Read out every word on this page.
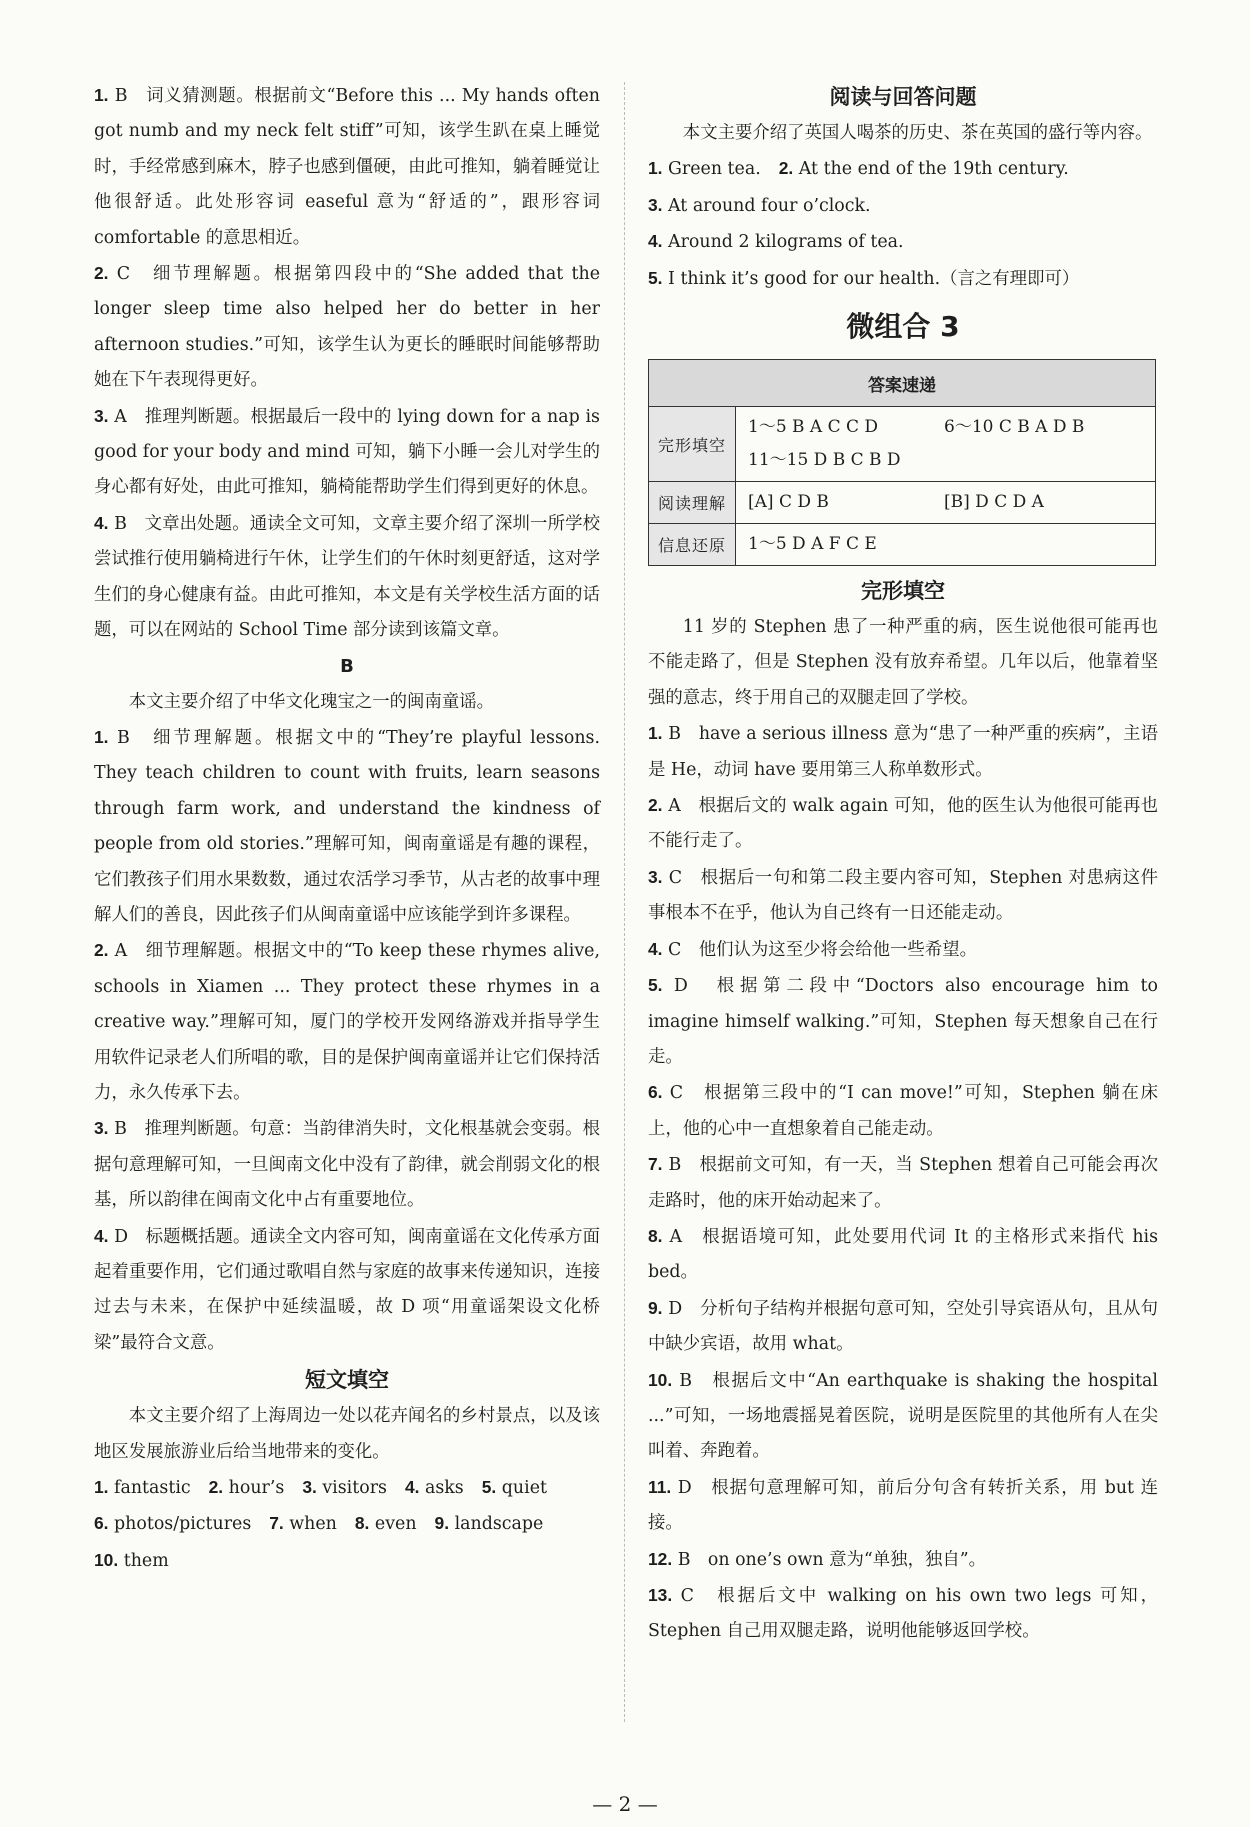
1. B　词义猜测题。根据前文“Before this ... My hands often got numb and my neck felt stiff”可知，该学生趴在桌上睡觉时，手经常感到麻木，脖子也感到僵硬，由此可推知，躺着睡觉让他很舒适。此处形容词 easeful 意为“舒适的”，跟形容词 comfortable 的意思相近。

2. C　细节理解题。根据第四段中的“She added that the longer sleep time also helped her do better in her afternoon studies.”可知，该学生认为更长的睡眠时间能够帮助她在下午表现得更好。

3. A　推理判断题。根据最后一段中的 lying down for a nap is good for your body and mind 可知，躺下小睡一会儿对学生的身心都有好处，由此可推知，躺椅能帮助学生们得到更好的休息。

4. B　文章出处题。通读全文可知，文章主要介绍了深圳一所学校尝试推行使用躺椅进行午休，让学生们的午休时刻更舒适，这对学生们的身心健康有益。由此可推知，本文是有关学校生活方面的话题，可以在网站的 School Time 部分读到该篇文章。

B

本文主要介绍了中华文化瑰宝之一的闽南童谣。

1. B　细节理解题。根据文中的“They’re playful lessons. They teach children to count with fruits, learn seasons through farm work, and understand the kindness of people from old stories.”理解可知，闽南童谣是有趣的课程，它们教孩子们用水果数数，通过农活学习季节，从古老的故事中理解人们的善良，因此孩子们从闽南童谣中应该能学到许多课程。

2. A　细节理解题。根据文中的“To keep these rhymes alive, schools in Xiamen ... They protect these rhymes in a creative way.”理解可知，厦门的学校开发网络游戏并指导学生用软件记录老人们所唱的歌，目的是保护闽南童谣并让它们保持活力，永久传承下去。

3. B　推理判断题。句意：当韵律消失时，文化根基就会变弱。根据句意理解可知，一旦闽南文化中没有了韵律，就会削弱文化的根基，所以韵律在闽南文化中占有重要地位。

4. D　标题概括题。通读全文内容可知，闽南童谣在文化传承方面起着重要作用，它们通过歌唱自然与家庭的故事来传递知识，连接过去与未来，在保护中延续温暖，故 D 项“用童谣架设文化桥梁”最符合文意。

短文填空

本文主要介绍了上海周边一处以花卉闻名的乡村景点，以及该地区发展旅游业后给当地带来的变化。

1. fantastic 2. hour’s 3. visitors 4. asks 5. quiet
6. photos/pictures 7. when 8. even 9. landscape
10. them

阅读与回答问题

本文主要介绍了英国人喝茶的历史、茶在英国的盛行等内容。

1. Green tea. 2. At the end of the 19th century.
3. At around four o’clock.
4. Around 2 kilograms of tea.
5. I think it’s good for our health.（言之有理即可）

微组合 3

答案速递	
完形填空	1～5 B A C C D 6～10 C B A D B
11～15 D B C B D

阅读理解	[A] C D B [B] D C D A

信息还原	1～5 D A F C E

完形填空

11 岁的 Stephen 患了一种严重的病，医生说他很可能再也不能走路了，但是 Stephen 没有放弃希望。几年以后，他靠着坚强的意志，终于用自己的双腿走回了学校。

1. B　have a serious illness 意为“患了一种严重的疾病”，主语是 He，动词 have 要用第三人称单数形式。

2. A　根据后文的 walk again 可知，他的医生认为他很可能再也不能行走了。

3. C　根据后一句和第二段主要内容可知，Stephen 对患病这件事根本不在乎，他认为自己终有一日还能走动。

4. C　他们认为这至少将会给他一些希望。

5. D　根据第二段中“Doctors also encourage him to imagine himself walking.”可知，Stephen 每天想象自己在行走。

6. C　根据第三段中的“I can move!”可知，Stephen 躺在床上，他的心中一直想象着自己能走动。

7. B　根据前文可知，有一天，当 Stephen 想着自己可能会再次走路时，他的床开始动起来了。

8. A　根据语境可知，此处要用代词 It 的主格形式来指代 his bed。

9. D　分析句子结构并根据句意可知，空处引导宾语从句，且从句中缺少宾语，故用 what。

10. B　根据后文中“An earthquake is shaking the hospital ...”可知，一场地震摇晃着医院，说明是医院里的其他所有人在尖叫着、奔跑着。

11. D　根据句意理解可知，前后分句含有转折关系，用 but 连接。

12. B　on one’s own 意为“单独，独自”。

13. C　根据后文中 walking on his own two legs 可知，Stephen 自己用双腿走路，说明他能够返回学校。

— 2 —
